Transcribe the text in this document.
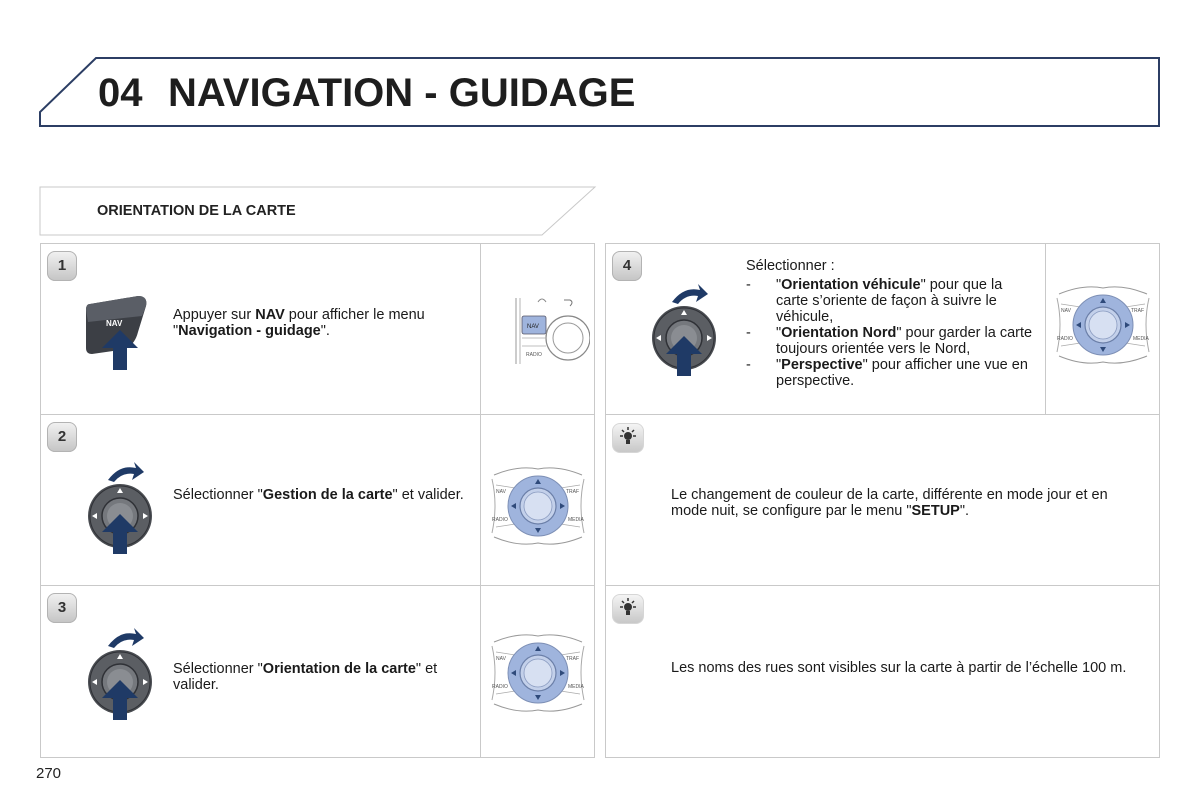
04 NAVIGATION - GUIDAGE
ORIENTATION DE LA CARTE
1
NAV
Appuyer sur NAV pour afficher le menu "Navigation - guidage".	NAV
RADIO
2
Sélectionner "Gestion de la carte" et valider.	NAV	TRAF
RADIO	MEDIA
3
Sélectionner "Orientation de la carte" et valider.
NAV	TRAF
RADIO	MEDIA
4	Sélectionner :
- "Orientation véhicule" pour que la carte s’oriente de façon à suivre le véhicule,
- "Orientation Nord" pour garder la carte toujours orientée vers le Nord,
- "Perspective" pour afficher une vue en perspective.
NAV	TRAF
RADIO	MEDIA
Le changement de couleur de la carte, différente en mode jour et en mode nuit, se configure par le menu "SETUP".
Les noms des rues sont visibles sur la carte à partir de l’échelle 100 m.
270
